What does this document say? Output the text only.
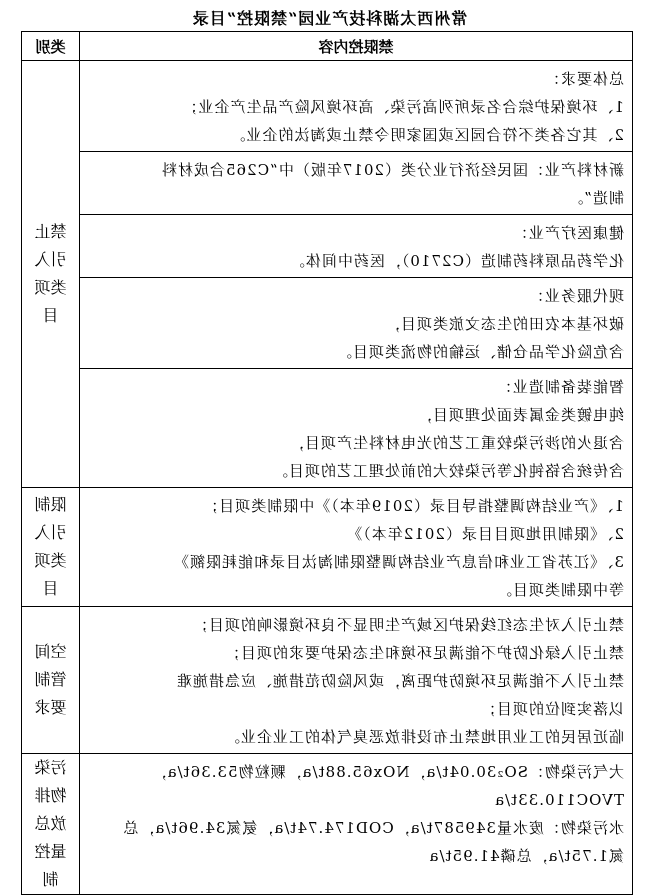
常州西太湖科技产业园“禁限控”目录
禁限控内容	类别

总体要求：
1、环境保护综合名录所列高污染、高环境风险产品生产企业；
2、其它各类不符合园区或国家明令禁止或淘汰的企业。	禁止引入类项目

新材料产业：国民经济行业分类（2017年版）中“C265合成材料
制造”。	

健康医疗产业：
化学药品原料药制造（C2710），医药中间体。	

现代服务业：
破坏基本农田的生态文旅类项目，
含危险化学品仓储、运输的物流类项目。	

智能装备制造业：
纯电镀类金属表面处理项目，
含退火的涉污染较重工艺的光电材料生产项目，
含传统含铬钝化等污染较大的前处理工艺的项目。	

1、《产业结构调整指导目录（2019年本）》中限制类项目；
2、《限制用地项目目录（2012年本）》
3、《江苏省工业和信息产业结构调整限制淘汰目录和能耗限额》
等中限制类项目。	限制引入类项目

禁止引入对生态红线保护区域产生明显不良环境影响的项目；
禁止引入绿化防护不能满足环境和生态保护要求的项目；
禁止引入不能满足环境防护距离，或风险防范措施、应急措施难
以落实到位的项目；
临近居民的工业用地禁止布设排放恶臭气体的工业企业。	空间管制要求

大气污染物：SO₂30.04t/a，NOx65.88t/a，颗粒物53.36t/a，
TVOC110.33t/a
水污染物：废水量349587t/a，COD174.74t/a，氨氮34.96t/a，总
氮1.75t/a，总磷41.95t/a	污染物排放总量控制
